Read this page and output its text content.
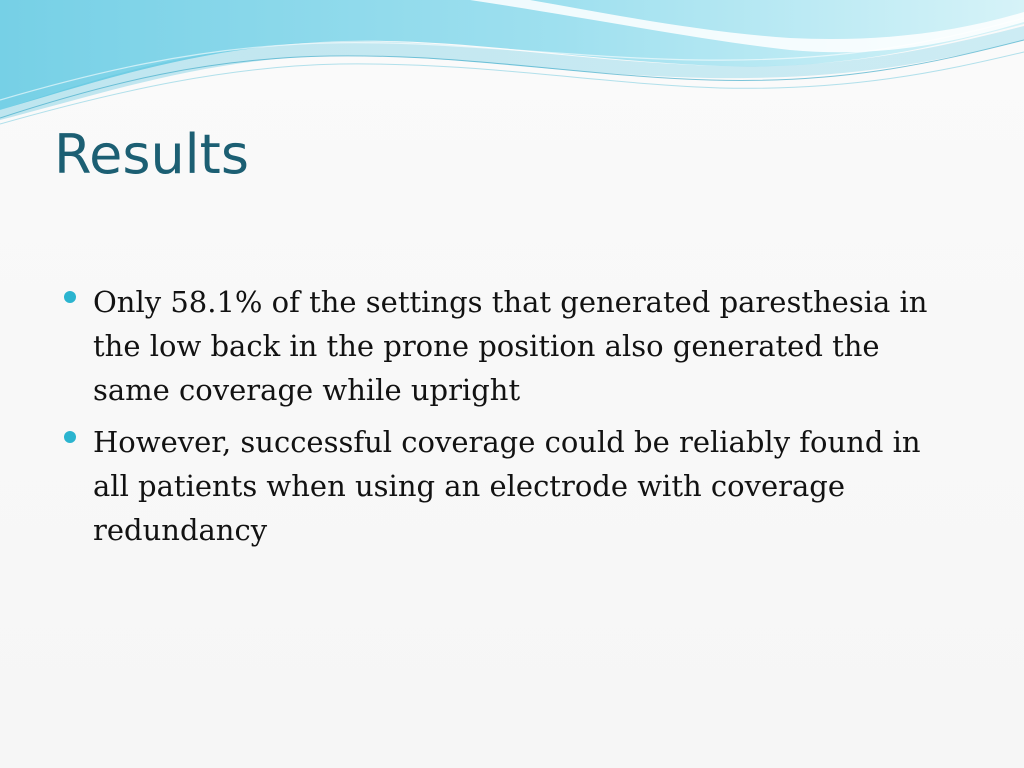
Results
Only 58.1% of the settings that generated paresthesia in the low back in the prone position also generated the same coverage while upright
However, successful coverage could be reliably found in all patients when using an electrode with coverage redundancy
